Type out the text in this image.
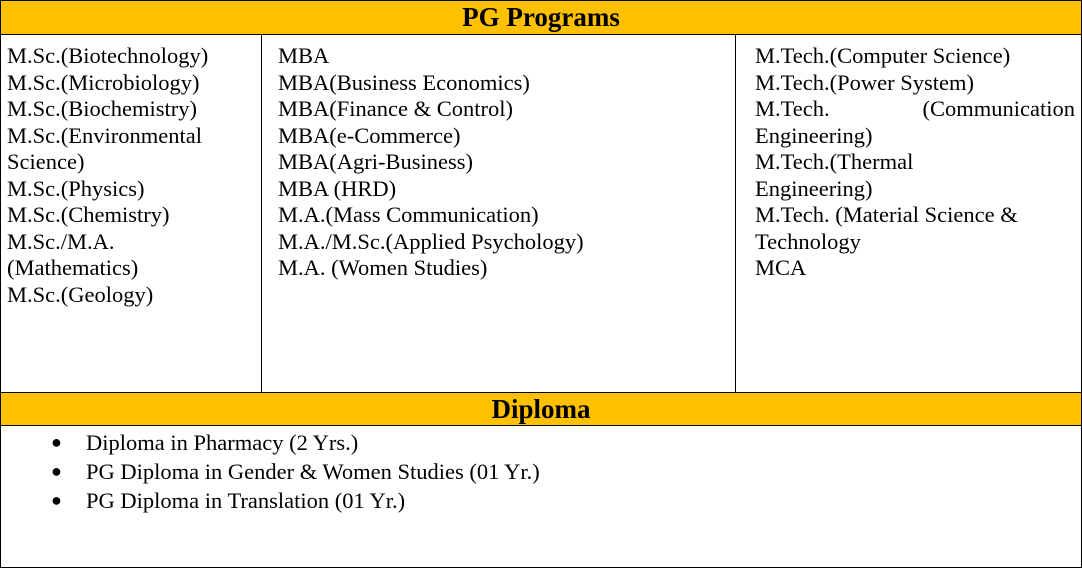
PG Programs
M.Sc.(Biotechnology)
M.Sc.(Microbiology)
M.Sc.(Biochemistry)
M.Sc.(Environmental
Science)
M.Sc.(Physics)
M.Sc.(Chemistry)
M.Sc./M.A.
(Mathematics)
M.Sc.(Geology)
MBA
MBA(Business Economics)
MBA(Finance & Control)
MBA(e-Commerce)
MBA(Agri-Business)
MBA (HRD)
M.A.(Mass Communication)
M.A./M.Sc.(Applied Psychology)
M.A. (Women Studies)
M.Tech.(Computer Science)
M.Tech.(Power System)
M.Tech. (Communication
Engineering)
M.Tech.(Thermal
Engineering)
M.Tech. (Material Science &
Technology
MCA
Diploma
● Diploma in Pharmacy (2 Yrs.)
● PG Diploma in Gender & Women Studies (01 Yr.)
● PG Diploma in Translation (01 Yr.)
